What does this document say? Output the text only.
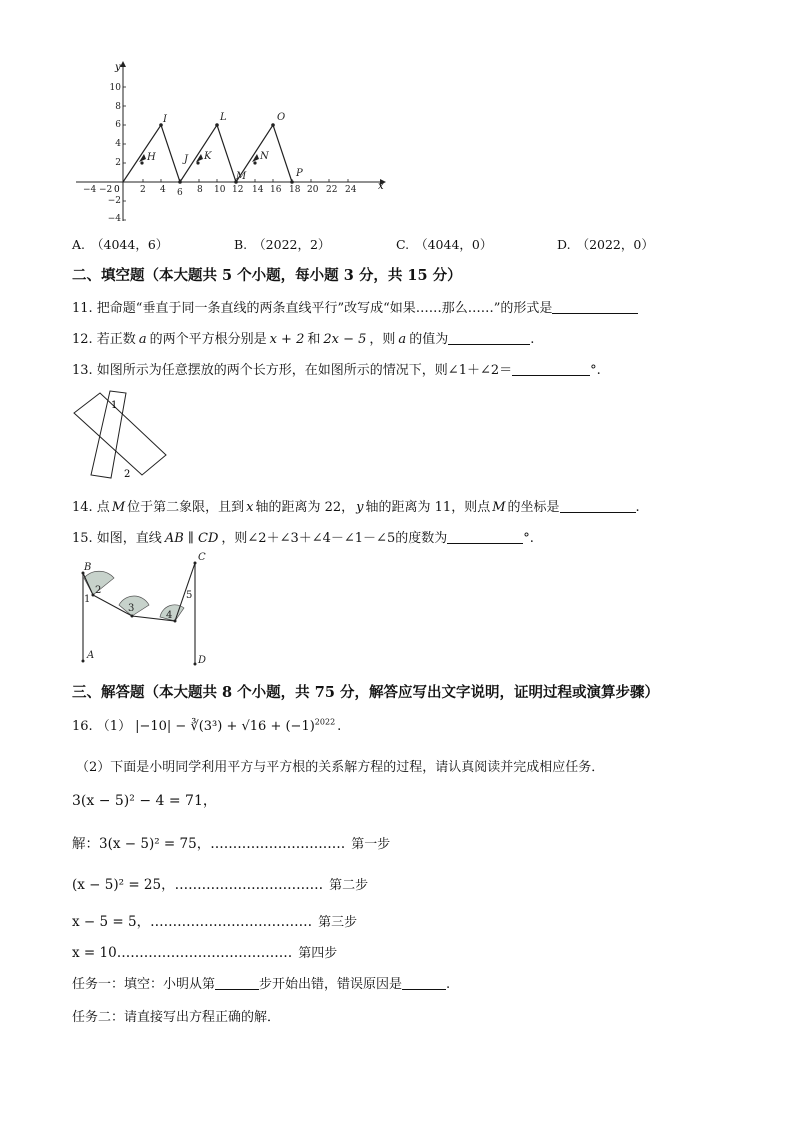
x
y
0
−4 −2	2 4 6 8 10 12 14 16 18 20 22 24
10
8
6
4
2
−2
−4
H
I
J K
L
M
N
O
P
A. （4044，6）	B. （2022，2）	C. （4044，0）	D. （2022，0）
二、填空题（本大题共 5 个小题，每小题 3 分，共 15 分）
11. 把命题“垂直于同一条直线的两条直线平行”改写成“如果……那么……”的形式是
12. 若正数 a 的两个平方根分别是 x + 2 和 2x − 5 ，则 a 的值为	.
13. 如图所示为任意摆放的两个长方形，在如图所示的情况下，则∠1＋∠2＝	°.
1
2
14. 点 M 位于第二象限，且到 x 轴的距离为 22， y 轴的距离为 11，则点 M 的坐标是	.
15. 如图，直线 AB ∥ CD ，则∠2＋∠3＋∠4－∠1－∠5的度数为	°.
B
A
C
D
1
2
3
4
5
三、解答题（本大题共 8 个小题，共 75 分，解答应写出文字说明，证明过程或演算步骤）
16. （1） |−10| − ∛(3³) + $√16 + (-1)^{2022}$ .
（2）下面是小明同学利用平方与平方根的关系解方程的过程，请认真阅读并完成相应任务．
3(x − 5)² − 4 = 71，
解：3(x − 5)² = 75，………………………… 第一步
(x − 5)² = 25，…………………………… 第二步
x − 5 = 5，……………………………… 第三步
x = 10………………………………… 第四步
任务一：填空：小明从第	步开始出错，错误原因是	.
任务二：请直接写出方程正确的解．
